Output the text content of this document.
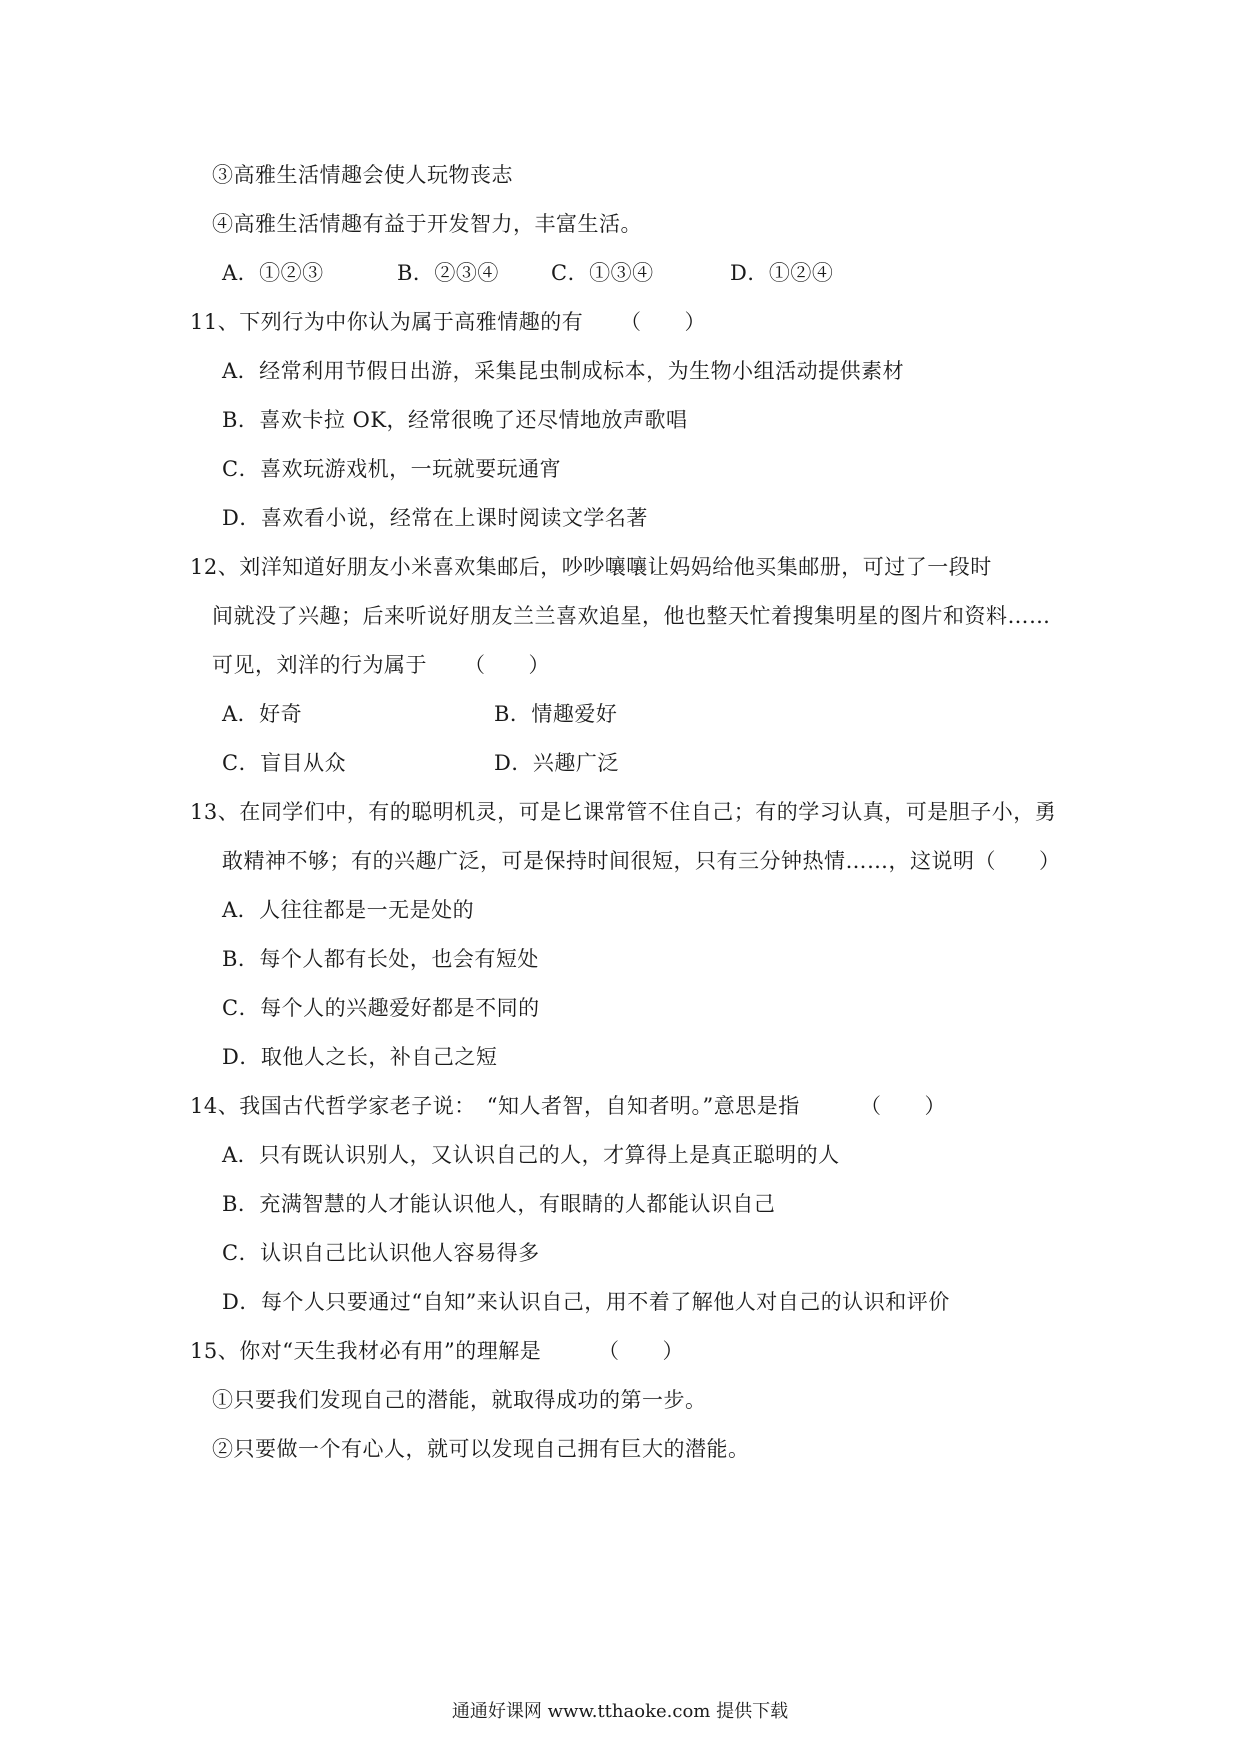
③高雅生活情趣会使人玩物丧志
④高雅生活情趣有益于开发智力，丰富生活。
A．①②③	B．②③④ C．①③④	D．①②④
11、下列行为中你认为属于高雅情趣的有 （　　）
A．经常利用节假日出游，采集昆虫制成标本，为生物小组活动提供素材
B．喜欢卡拉 OK，经常很晚了还尽情地放声歌唱
C．喜欢玩游戏机，一玩就要玩通宵
D．喜欢看小说，经常在上课时阅读文学名著
12、刘洋知道好朋友小米喜欢集邮后，吵吵嚷嚷让妈妈给他买集邮册，可过了一段时
间就没了兴趣；后来听说好朋友兰兰喜欢追星，他也整天忙着搜集明星的图片和资料……
可见，刘洋的行为属于 （　　）
A．好奇	B．情趣爱好
C．盲目从众	D．兴趣广泛
13、在同学们中，有的聪明机灵，可是匕课常管不住自己；有的学习认真，可是胆子小，勇
敢精神不够；有的兴趣广泛，可是保持时间很短，只有三分钟热情……，这说明（　　）
A．人往往都是一无是处的
B．每个人都有长处，也会有短处
C．每个人的兴趣爱好都是不同的
D．取他人之长，补自己之短
14、我国古代哲学家老子说：　“知人者智，自知者明。”意思是指	（　　）
A．只有既认识别人，又认识自己的人，才算得上是真正聪明的人
B．充满智慧的人才能认识他人，有眼睛的人都能认识自己
C．认识自己比认识他人容易得多
D．每个人只要通过“自知”来认识自己，用不着了解他人对自己的认识和评价
15、你对“天生我材必有用”的理解是	（　　）
①只要我们发现自己的潜能，就取得成功的第一步。
②只要做一个有心人，就可以发现自己拥有巨大的潜能。
通通好课网 www.tthaoke.com 提供下载
